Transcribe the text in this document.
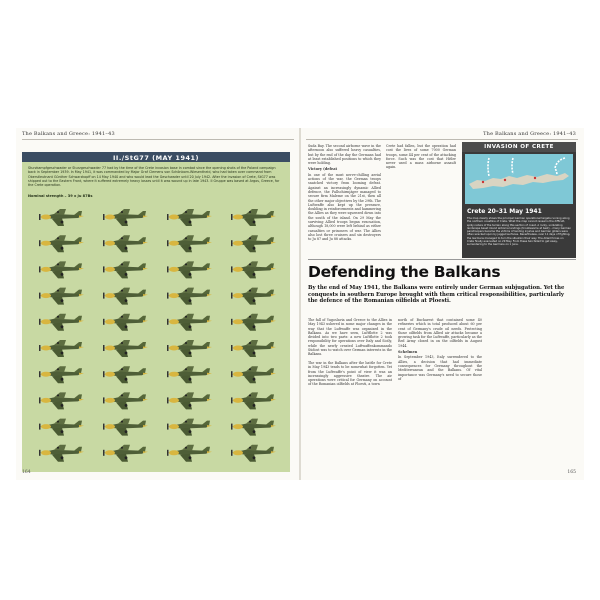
The Balkans and Greece: 1941–43
II./StG77 (MAY 1941)
Sturzkampfgeschwader or Sturzgeschwader 77 had by the time of the Crete invasion base in combat since the opening shots of the Poland campaign back in September 1939. In May 1941, it was commanded by Major Graf Clemens von Schönborn-Wiesentheid, who had taken over command from Oberstleutnant Günther Schwarzkopff on 14 May 1940 and who would lead the Geschwader until 20 July 1942. After the invasion of Crete, StG77 was shipped out to the Eastern Front, where it suffered extremely heavy losses until it was wound up in late 1943. II Gruppe was based at Argos, Greece, for the Crete operation.
Nominal strength – 39 x Ju 87Bs
164
The Balkans and Greece: 1941–43
Suda Bay. The second airborne wave in the afternoon also suffered heavy casualties, but by the end of the day the Germans had at least established positions to which they were holding.
Victory (defeat
In one of the most nerve-chilling aerial actions of the war, the German troops snatched victory from looming defeat. Against an increasingly dynamic Allied defence, the Fallschirmjäger managed to secure firm Maleme on the 21st, then all the other major objectives by the 29th. The Luftwaffe also kept up the pressure, doubling in reinforcements and hammering the Allies as they were squeezed down into the south of the island. On 29 May the surviving Allied troops began evacuation, although 18,000 were left behind as either casualties or prisoners of war. The Allies also lost three cruisers and six destroyers to Ju 87 and Ju 88 attacks.
Crete had fallen, but the operation had cost the lives of some 7000 German troops, some 44 per cent of the attacking force. Such was the cost that Hitler never used a mass airborne assault again.
INVASION OF CRETE
Crete 20–31 May 1941
The map clearly shows the principal German operational targets running along the northern coastline of Crete. What the map cannot reveal is the difficult, spiky nature of the terrain along this section of coast. A rocky, undulating landscape beset inland airborne landings (troublesome at best) – many German paratroopers became the victims of landing injuries and German gliders were often wrecked upon by jagged surfaces. Nevertheless, over 11 days of fighting, the Germans managed to turn the situation their way. The Allied forces on Crete finally evacuated on 29 May. From these two failed to get away, surrendering to the Germans on 1 June.
Defending the Balkans
By the end of May 1941, the Balkans were entirely under German subjugation. Yet the conquests in southern Europe brought with them critical responsibilities, particularly the defence of the Romanian oilfields at Ploesti.
The fall of Yugoslavia and Greece to the Allies in May 1943 ushered in some major changes in the way that the Luftwaffe was organized in the Balkans. As we have seen, Luftflotte 2 was divided into two parts: a new Luftflotte 2 took responsibility for operations over Italy and Sicily, while the newly created Luftwaffenkommando Südost was to watch over German interests in the Balkans.

The war in the Balkans after the battle for Crete in May 1943 tends to be somewhat forgotten. Yet from the Luftwaffe's point of view it was an increasingly aggressive theatre. The air operations were critical for Germany on account of the Romanian oilfields at Ploesti, a town
north of Bucharest that contained some 40 refineries which in total produced about 60 per cent of Germany's crude oil needs. Protecting those oilfields from Allied air attacks became a growing task for the Luftwaffe, particularly as the Red Army closed in on the oilfields in August 1944.
Schelmen
In September 1943, Italy surrendered to the Allies, a decision that had immediate consequences for Germany throughout the Mediterranean and the Balkans. Of vital importance was Germany's need to secure those of
165
